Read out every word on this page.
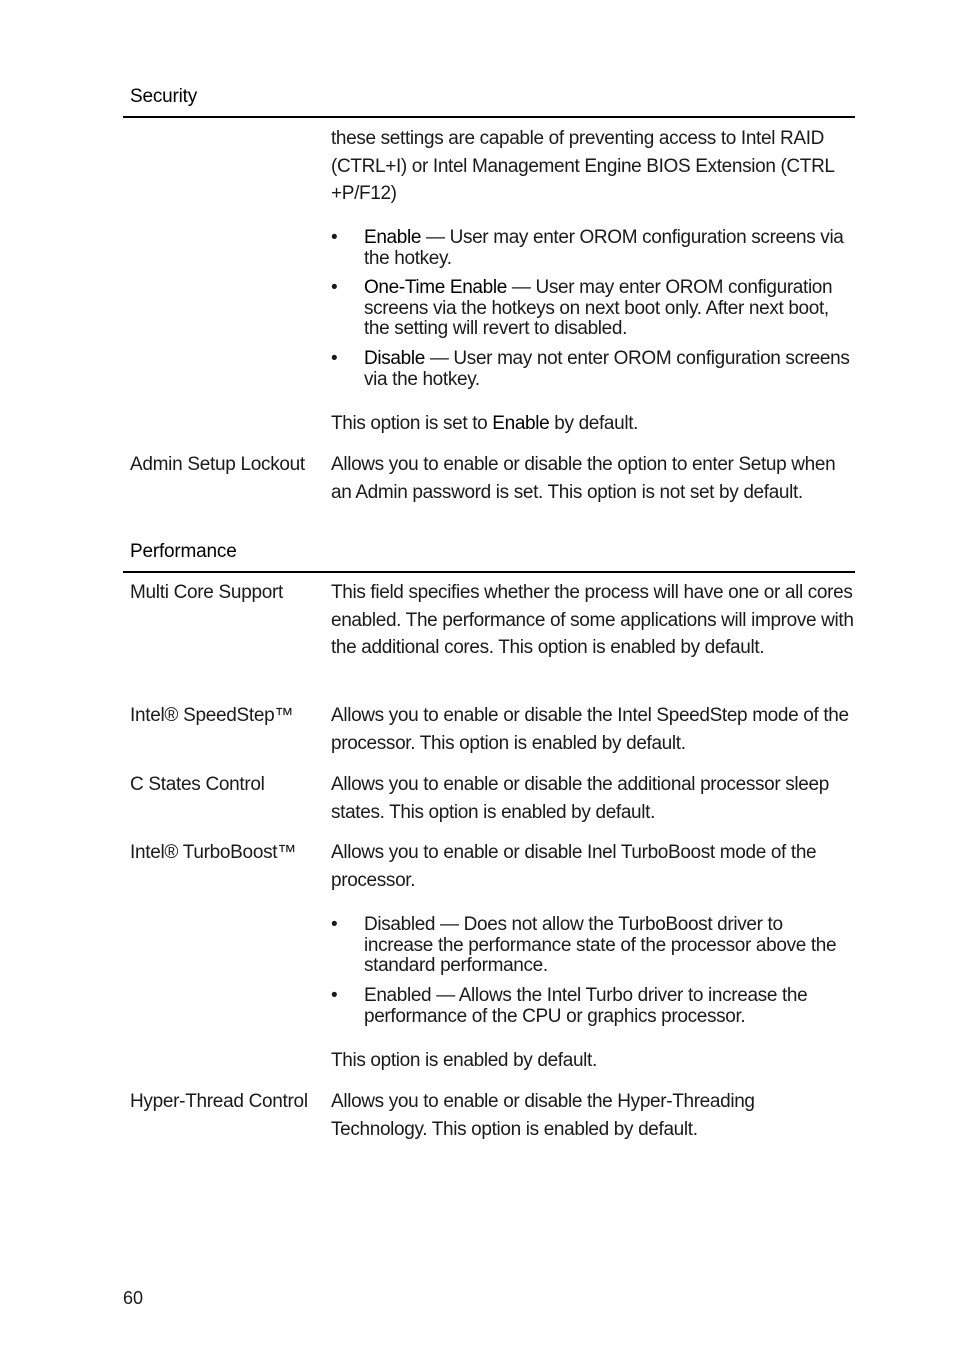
Security
these settings are capable of preventing access to Intel RAID (CTRL+I) or Intel Management Engine BIOS Extension (CTRL +P/F12)
•	Enable — User may enter OROM configuration screens via the hotkey.
•	One-Time Enable — User may enter OROM configuration screens via the hotkeys on next boot only. After next boot, the setting will revert to disabled.
•	Disable — User may not enter OROM configuration screens via the hotkey.
This option is set to Enable by default.
Admin Setup Lockout	Allows you to enable or disable the option to enter Setup when an Admin password is set. This option is not set by default.
Performance
Multi Core Support	This field specifies whether the process will have one or all cores enabled. The performance of some applications will improve with the additional cores. This option is enabled by default.
Intel® SpeedStep™	Allows you to enable or disable the Intel SpeedStep mode of the processor. This option is enabled by default.
C States Control	Allows you to enable or disable the additional processor sleep states. This option is enabled by default.
Intel® TurboBoost™	Allows you to enable or disable Inel TurboBoost mode of the processor.
•	Disabled — Does not allow the TurboBoost driver to increase the performance state of the processor above the standard performance.
•	Enabled — Allows the Intel Turbo driver to increase the performance of the CPU or graphics processor.
This option is enabled by default.
Hyper-Thread Control	Allows you to enable or disable the Hyper-Threading Technology. This option is enabled by default.
60
